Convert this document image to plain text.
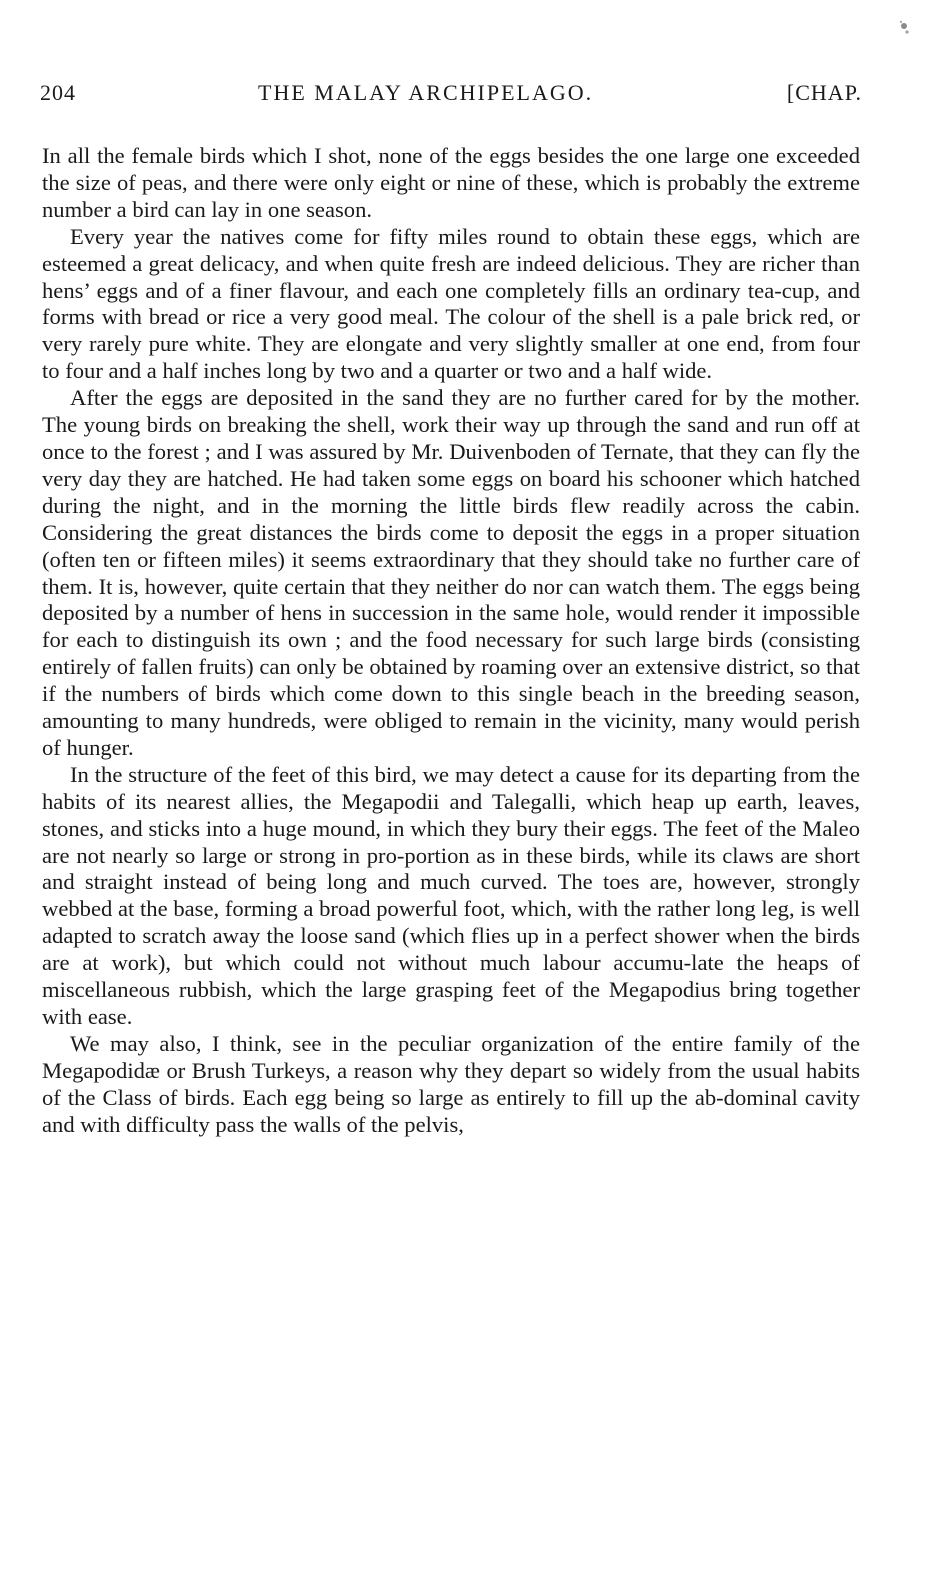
204	THE MALAY ARCHIPELAGO.	[CHAP.

In all the female birds which I shot, none of the eggs besides the one large one exceeded the size of peas, and there were only eight or nine of these, which is probably the extreme number a bird can lay in one season.

Every year the natives come for fifty miles round to obtain these eggs, which are esteemed a great delicacy, and when quite fresh are indeed delicious. They are richer than hens’ eggs and of a finer flavour, and each one completely fills an ordinary tea-cup, and forms with bread or rice a very good meal. The colour of the shell is a pale brick red, or very rarely pure white. They are elongate and very slightly smaller at one end, from four to four and a half inches long by two and a quarter or two and a half wide.

After the eggs are deposited in the sand they are no further cared for by the mother. The young birds on breaking the shell, work their way up through the sand and run off at once to the forest ; and I was assured by Mr. Duivenboden of Ternate, that they can fly the very day they are hatched. He had taken some eggs on board his schooner which hatched during the night, and in the morning the little birds flew readily across the cabin. Considering the great distances the birds come to deposit the eggs in a proper situation (often ten or fifteen miles) it seems extraordinary that they should take no further care of them. It is, however, quite certain that they neither do nor can watch them. The eggs being deposited by a number of hens in succession in the same hole, would render it impossible for each to distinguish its own ; and the food necessary for such large birds (consisting entirely of fallen fruits) can only be obtained by roaming over an extensive district, so that if the numbers of birds which come down to this single beach in the breeding season, amounting to many hundreds, were obliged to remain in the vicinity, many would perish of hunger.

In the structure of the feet of this bird, we may detect a cause for its departing from the habits of its nearest allies, the Megapodii and Talegalli, which heap up earth, leaves, stones, and sticks into a huge mound, in which they bury their eggs. The feet of the Maleo are not nearly so large or strong in pro-portion as in these birds, while its claws are short and straight instead of being long and much curved. The toes are, however, strongly webbed at the base, forming a broad powerful foot, which, with the rather long leg, is well adapted to scratch away the loose sand (which flies up in a perfect shower when the birds are at work), but which could not without much labour accumu-late the heaps of miscellaneous rubbish, which the large grasping feet of the Megapodius bring together with ease.

We may also, I think, see in the peculiar organization of the entire family of the Megapodidæ or Brush Turkeys, a reason why they depart so widely from the usual habits of the Class of birds. Each egg being so large as entirely to fill up the ab-dominal cavity and with difficulty pass the walls of the pelvis,
